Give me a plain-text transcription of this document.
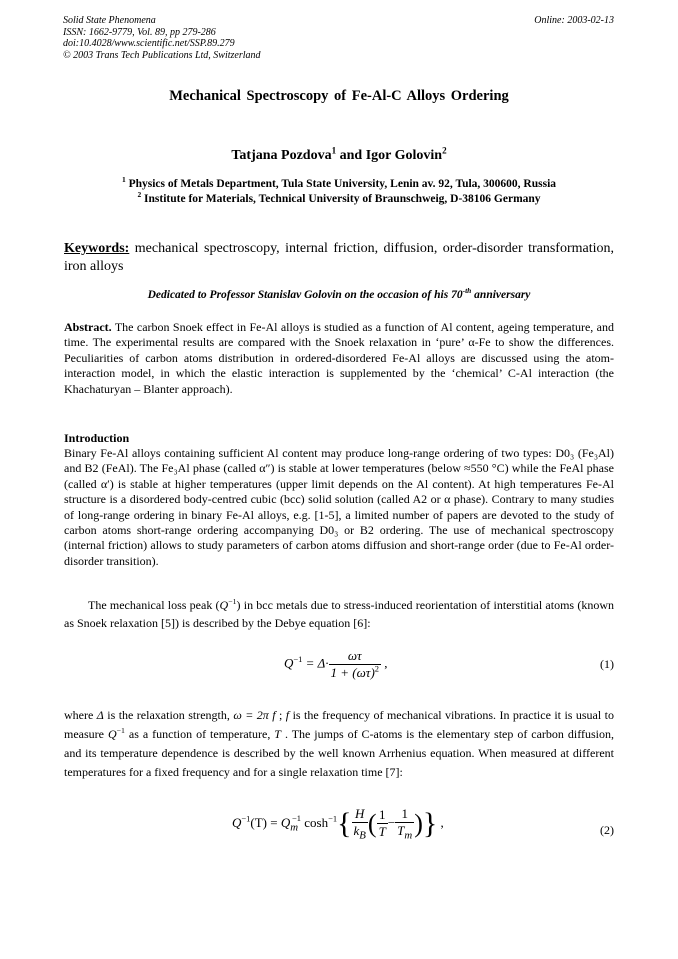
Solid State Phenomena
ISSN: 1662-9779, Vol. 89, pp 279-286
doi:10.4028/www.scientific.net/SSP.89.279
© 2003 Trans Tech Publications Ltd, Switzerland
Online: 2003-02-13
Mechanical Spectroscopy of Fe-Al-C Alloys Ordering
Tatjana Pozdova$^1$ and Igor Golovin$^2$
$^1$ Physics of Metals Department, Tula State University, Lenin av. 92, Tula, 300600, Russia
$^2$ Institute for Materials, Technical University of Braunschweig, D-38106 Germany
Keywords: mechanical spectroscopy, internal friction, diffusion, order-disorder transformation, iron alloys
Dedicated to Professor Stanislav Golovin on the occasion of his $70^{-th}$ anniversary
Abstract. The carbon Snoek effect in Fe-Al alloys is studied as a function of Al content, ageing temperature, and time. The experimental results are compared with the Snoek relaxation in ‘pure’ α-Fe to show the differences. Peculiarities of carbon atoms distribution in ordered-disordered Fe-Al alloys are discussed using the atom-interaction model, in which the elastic interaction is supplemented by the ‘chemical’ C-Al interaction (the Khachaturyan – Blanter approach).
Introduction
Binary Fe-Al alloys containing sufficient Al content may produce long-range ordering of two types: D0₃ (Fe₃Al) and B2 (FeAl). The Fe₃Al phase (called α″) is stable at lower temperatures (below ≈550 °C) while the FeAl phase (called α′) is stable at higher temperatures (upper limit depends on the Al content). At high temperatures Fe-Al structure is a disordered body-centred cubic (bcc) solid solution (called A2 or α phase). Contrary to many studies of long-range ordering in binary Fe-Al alloys, e.g. [1-5], a limited number of papers are devoted to the study of carbon atoms short-range ordering accompanying D0₃ or B2 ordering. The use of mechanical spectroscopy (internal friction) allows to study parameters of carbon atoms diffusion and short-range order (due to Fe-Al order-disorder transition).
The mechanical loss peak $(Q^{-1})$ in bcc metals due to stress-induced reorientation of interstitial atoms (known as Snoek relaxation [5]) is described by the Debye equation [6]:
$Q^{-1} = \Delta\cdot \frac{\omega\tau}{1 + (\omega\tau)^2}$ ,	(1)
where Δ is the relaxation strength, ω = 2π f ; f is the frequency of mechanical vibrations. In practice it is usual to measure $Q^{-1}$ as a function of temperature, T . The jumps of C-atoms is the elementary step of carbon diffusion, and its temperature dependence is described by the well known Arrhenius equation. When measured at different temperatures for a fixed frequency and for a single relaxation time [7]:
$Q^{-1}(T) = Q_m^{-1}$ $\cosh^{-1}\{ \frac{H}{k_B}$ ( $\frac{1}{T} - \frac{1}{T_m}$ )} ,
(2)
